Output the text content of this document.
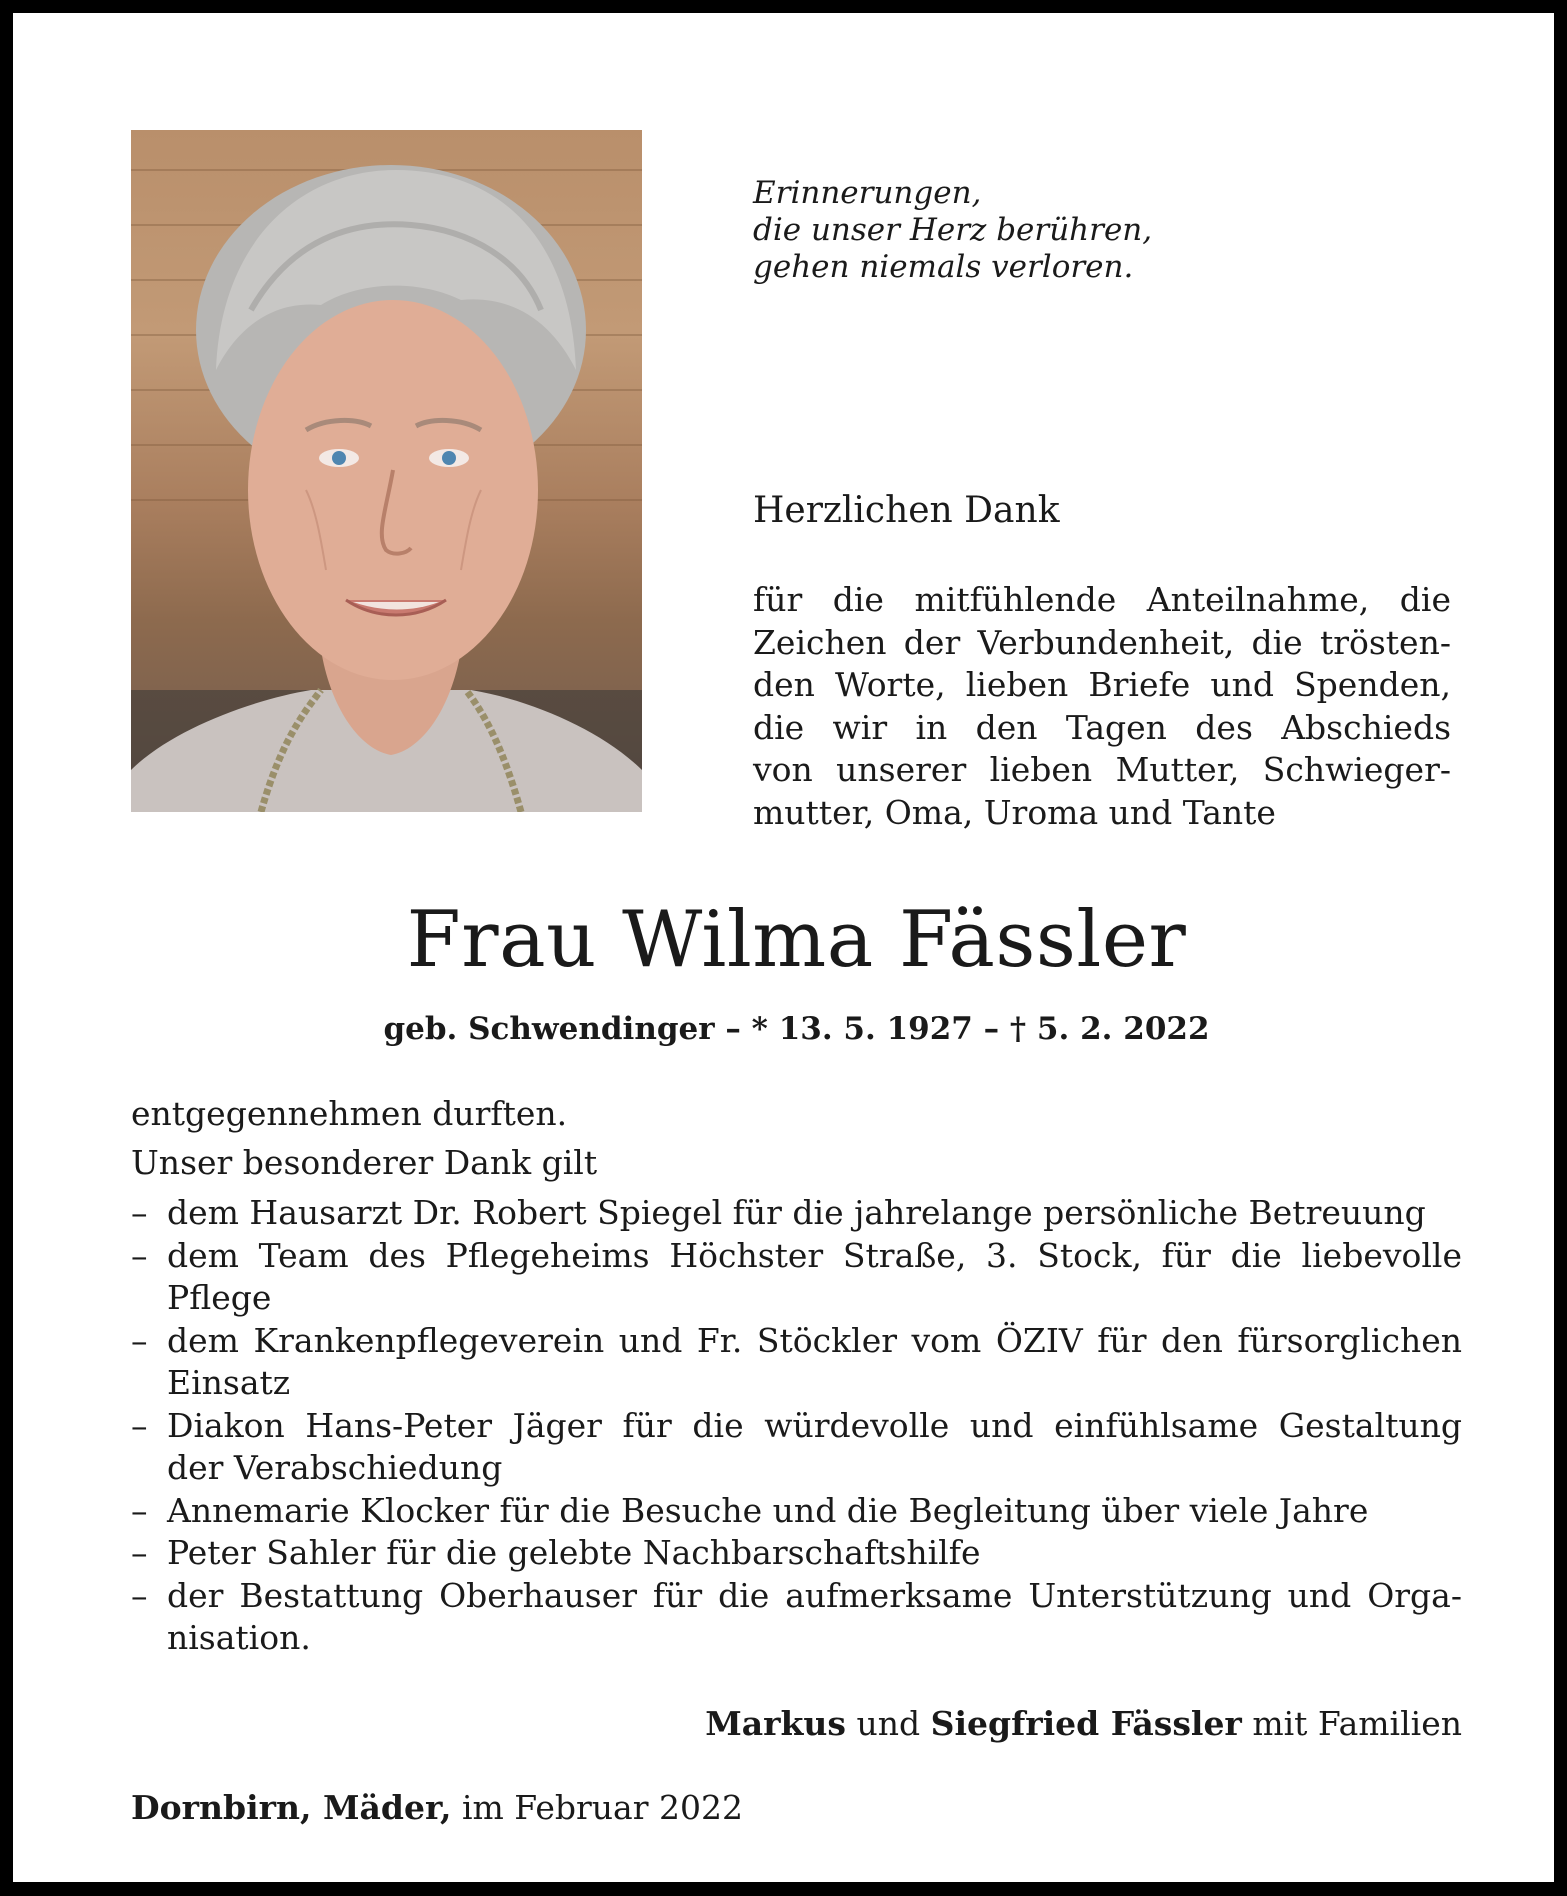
Erinnerungen,
die unser Herz berühren,
gehen niemals verloren.
Herzlichen Dank
für die mitfühlende Anteilnahme, die
Zeichen der Verbundenheit, die trösten-
den Worte, lieben Briefe und Spenden,
die wir in den Tagen des Abschieds
von unserer lieben Mutter, Schwieger-
mutter, Oma, Uroma und Tante
Frau Wilma Fässler
geb. Schwendinger – * 13. 5. 1927 – † 5. 2. 2022
entgegennehmen durften.
Unser besonderer Dank gilt
– dem Hausarzt Dr. Robert Spiegel für die jahrelange persönliche Betreuung
– dem Team des Pflegeheims Höchster Straße, 3. Stock, für die liebevolle
Pflege
– dem Krankenpflegeverein und Fr. Stöckler vom ÖZIV für den fürsorglichen
Einsatz
– Diakon Hans-Peter Jäger für die würdevolle und einfühlsame Gestaltung
der Verabschiedung
– Annemarie Klocker für die Besuche und die Begleitung über viele Jahre
– Peter Sahler für die gelebte Nachbarschaftshilfe
– der Bestattung Oberhauser für die aufmerksame Unterstützung und Orga-
nisation.
Markus und Siegfried Fässler mit Familien
Dornbirn, Mäder, im Februar 2022
